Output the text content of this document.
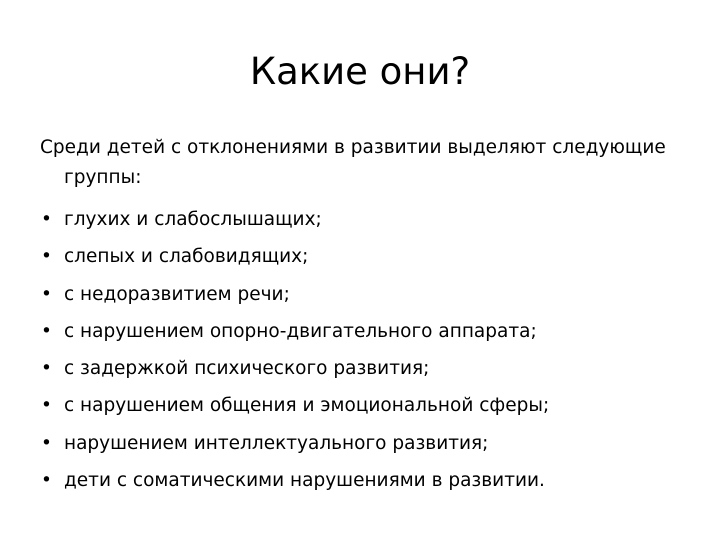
Какие они?

Среди детей с отклонениями в развитии выделяют следующие группы:

• глухих и слабослышащих;
• слепых и слабовидящих;
• с недоразвитием речи;
• с нарушением опорно-двигательного аппарата;
• с задержкой психического развития;
• с нарушением общения и эмоциональной сферы;
• нарушением интеллектуального развития;
• дети с соматическими нарушениями в развитии.
